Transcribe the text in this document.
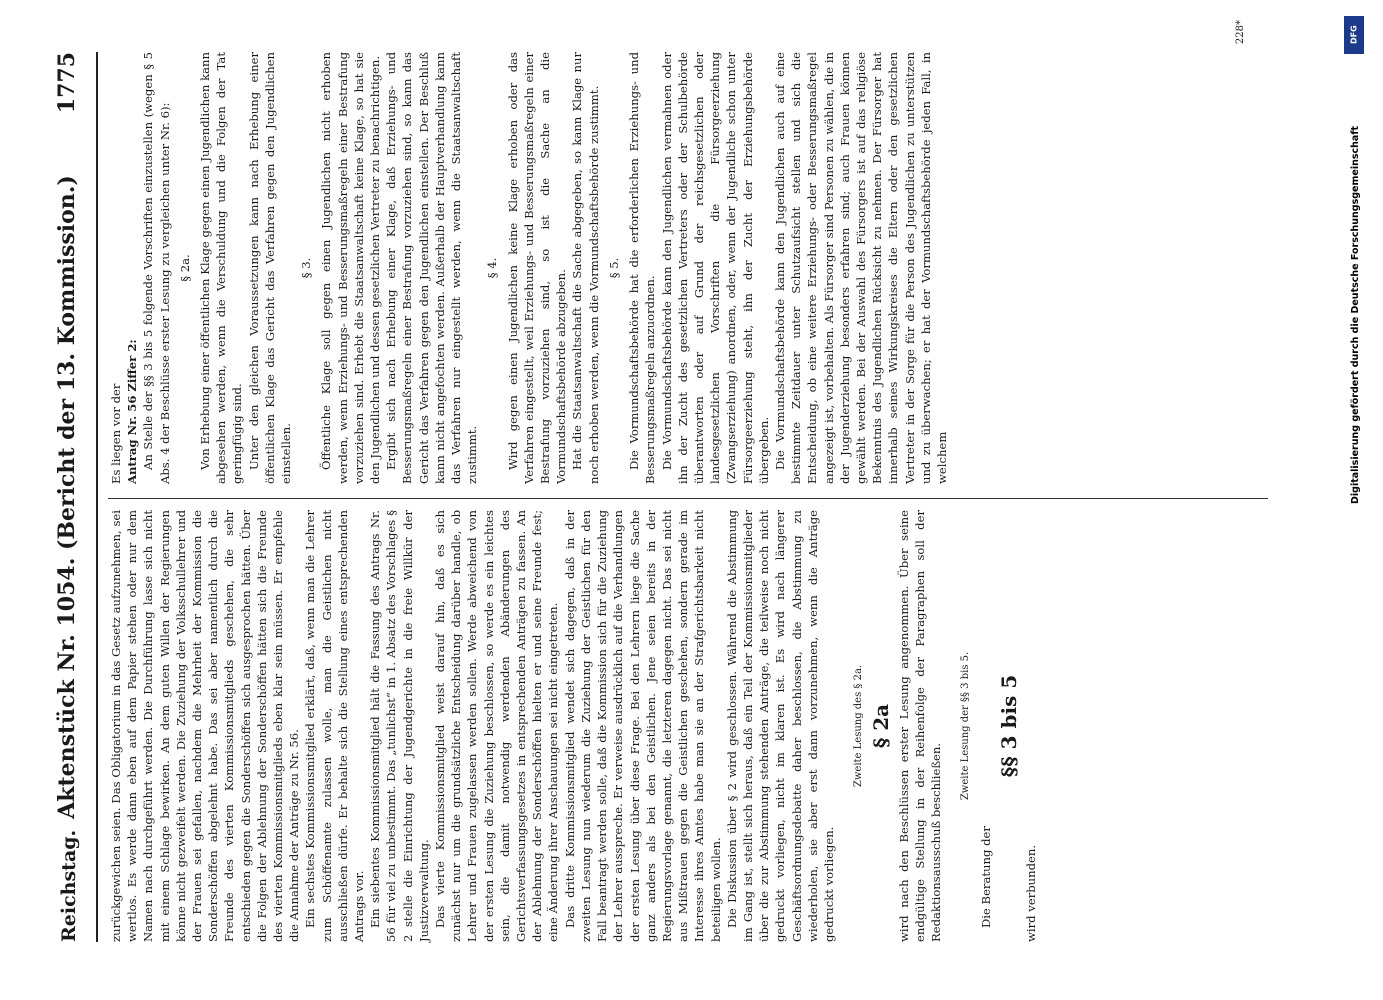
Reichstag.
Aktenstück Nr. 1054. (Bericht der 13. Kommission.)
1775

zurückgewichen seien. Das Obligatorium in das Gesetz aufzunehmen, sei wertlos. Es werde dann eben auf dem Papier stehen oder nur dem Namen nach durchgeführt werden. Die Durchführung lasse sich nicht mit einem Schlage bewirken. An dem guten Willen der Regierungen könne nicht gezweifelt werden. Die Zuziehung der Volksschullehrer und der Frauen sei gefallen, nachdem die Mehrheit der Kommission die Sonderschöffen abgelehnt habe. Das sei aber namentlich durch die Freunde des vierten Kommissionsmitglieds geschehen, die sehr entschieden gegen die Sonderschöffen sich ausgesprochen hätten. Über die Folgen der Ablehnung der Sonderschöffen hätten sich die Freunde des vierten Kommissionsmitglieds eben klar sein müssen. Er empfehle die Annahme der Anträge zu Nr. 56. Ein sechstes Kommissionsmitglied erklärt, daß, wenn man die Lehrer zum Schöffenamte zulassen wolle, man die Geistlichen nicht ausschließen dürfe. Er behalte sich die Stellung eines entsprechenden Antrags vor. Ein siebentes Kommissionsmitglied hält die Fassung des Antrags Nr. 56 für viel zu unbestimmt. Das „tunlichst“ in 1. Absatz des Vorschlages § 2 stelle die Einrichtung der Jugendgerichte in die freie Willkür der Justizverwaltung. Das vierte Kommissionsmitglied weist darauf hin, daß es sich zunächst nur um die grundsätzliche Entscheidung darüber handle, ob Lehrer und Frauen zugelassen werden sollen. Werde abweichend von der ersten Lesung die Zuziehung beschlossen, so werde es ein leichtes sein, die damit notwendig werdenden Abänderungen des Gerichtsverfassungsgesetzes in entsprechenden Anträgen zu fassen. An der Ablehnung der Sonderschöffen hielten er und seine Freunde fest; eine Änderung ihrer Anschauungen sei nicht eingetreten. Das dritte Kommissionsmitglied wendet sich dagegen, daß in der zweiten Lesung nun wiederum die Zuziehung der Geistlichen für den Fall beantragt werden solle, daß die Kommission sich für die Zuziehung der Lehrer ausspreche. Er verweise ausdrücklich auf die Verhandlungen der ersten Lesung über diese Frage. Bei den Lehrern liege die Sache ganz anders als bei den Geistlichen. Jene seien bereits in der Regierungsvorlage genannt, die letzteren dagegen nicht. Das sei nicht aus Mißtrauen gegen die Geistlichen geschehen, sondern gerade im Interesse ihres Amtes habe man sie an der Strafgerichtsbarkeit nicht beteiligen wollen. Die Diskussion über § 2 wird geschlossen. Während die Abstimmung im Gang ist, stellt sich heraus, daß ein Teil der Kommissionsmitglieder über die zur Abstimmung stehenden Anträge, die teilweise noch nicht gedruckt vorliegen, nicht im klaren ist. Es wird nach längerer Geschäftsordnungsdebatte daher beschlossen, die Abstimmung zu wiederholen, sie aber erst dann vorzunehmen, wenn die Anträge gedruckt vorliegen.

Zweite Lesung des § 2a. § 2a wird nach den Beschlüssen erster Lesung angenommen. Über seine endgültige Stellung in der Reihenfolge der Paragraphen soll der Redaktionsausschuß beschließen.

Zweite Lesung der §§ 3 bis 5.

Die Beratung der

§§ 3 bis 5

wird verbunden.

Es liegen vor der Antrag Nr. 56 Ziffer 2: An Stelle der §§ 3 bis 5 folgende Vorschriften einzustellen (wegen § 5 Abs. 4 der Beschlüsse erster Lesung zu vergleichen unter Nr. 6): § 2a. Von Erhebung einer öffentlichen Klage gegen einen Jugendlichen kann abgesehen werden, wenn die Verschuldung und die Folgen der Tat geringfügig sind. Unter den gleichen Voraussetzungen kann nach Erhebung einer öffentlichen Klage das Gericht das Verfahren gegen den Jugendlichen einstellen.

§ 3. Öffentliche Klage soll gegen einen Jugendlichen nicht erhoben werden, wenn Erziehungs- und Besserungsmaßregeln einer Bestrafung vorzuziehen sind. Erhebt die Staatsanwaltschaft keine Klage, so hat sie den Jugendlichen und dessen gesetzlichen Vertreter zu benachrichtigen. Ergibt sich nach Erhebung einer Klage, daß Erziehungs- und Besserungsmaßregeln einer Bestrafung vorzuziehen sind, so kann das Gericht das Verfahren gegen den Jugendlichen einstellen. Der Beschluß kann nicht angefochten werden. Außerhalb der Hauptverhandlung kann das Verfahren nur eingestellt werden, wenn die Staatsanwaltschaft zustimmt.

§ 4. Wird gegen einen Jugendlichen keine Klage erhoben oder das Verfahren eingestellt, weil Erziehungs- und Besserungsmaßregeln einer Bestrafung vorzuziehen sind, so ist die Sache an die Vormundschaftsbehörde abzugeben. Hat die Staatsanwaltschaft die Sache abgegeben, so kann Klage nur noch erhoben werden, wenn die Vormundschaftsbehörde zustimmt. § 5. Die Vormundschaftsbehörde hat die erforderlichen Erziehungs- und Besserungsmaßregeln anzuordnen. Die Vormundschaftsbehörde kann den Jugendlichen vermahnen oder ihn der Zucht des gesetzlichen Vertreters oder der Schulbehörde überantworten oder auf Grund der reichsgesetzlichen oder landesgesetzlichen Vorschriften die Fürsorgeerziehung (Zwangserziehung) anordnen, oder, wenn der Jugendliche schon unter Fürsorgeerziehung steht, ihn der Zucht der Erziehungsbehörde übergeben. Die Vormundschaftsbehörde kann den Jugendlichen auch auf eine bestimmte Zeitdauer unter Schutzaufsicht stellen und sich die Entscheidung, ob eine weitere Erziehungs- oder Besserungsmaßregel angezeigt ist, vorbehalten. Als Fürsorger sind Personen zu wählen, die in der Jugenderziehung besonders erfahren sind; auch Frauen können gewählt werden. Bei der Auswahl des Fürsorgers ist auf das religiöse Bekenntnis des Jugendlichen Rücksicht zu nehmen. Der Fürsorger hat innerhalb seines Wirkungskreises die Eltern oder den gesetzlichen Vertreter in der Sorge für die Person des Jugendlichen zu unterstützen und zu überwachen; er hat der Vormundschaftsbehörde jeden Fall, in welchem

228*	DFG
Digitalisierung gefördert durch die Deutsche Forschungsgemeinschaft
